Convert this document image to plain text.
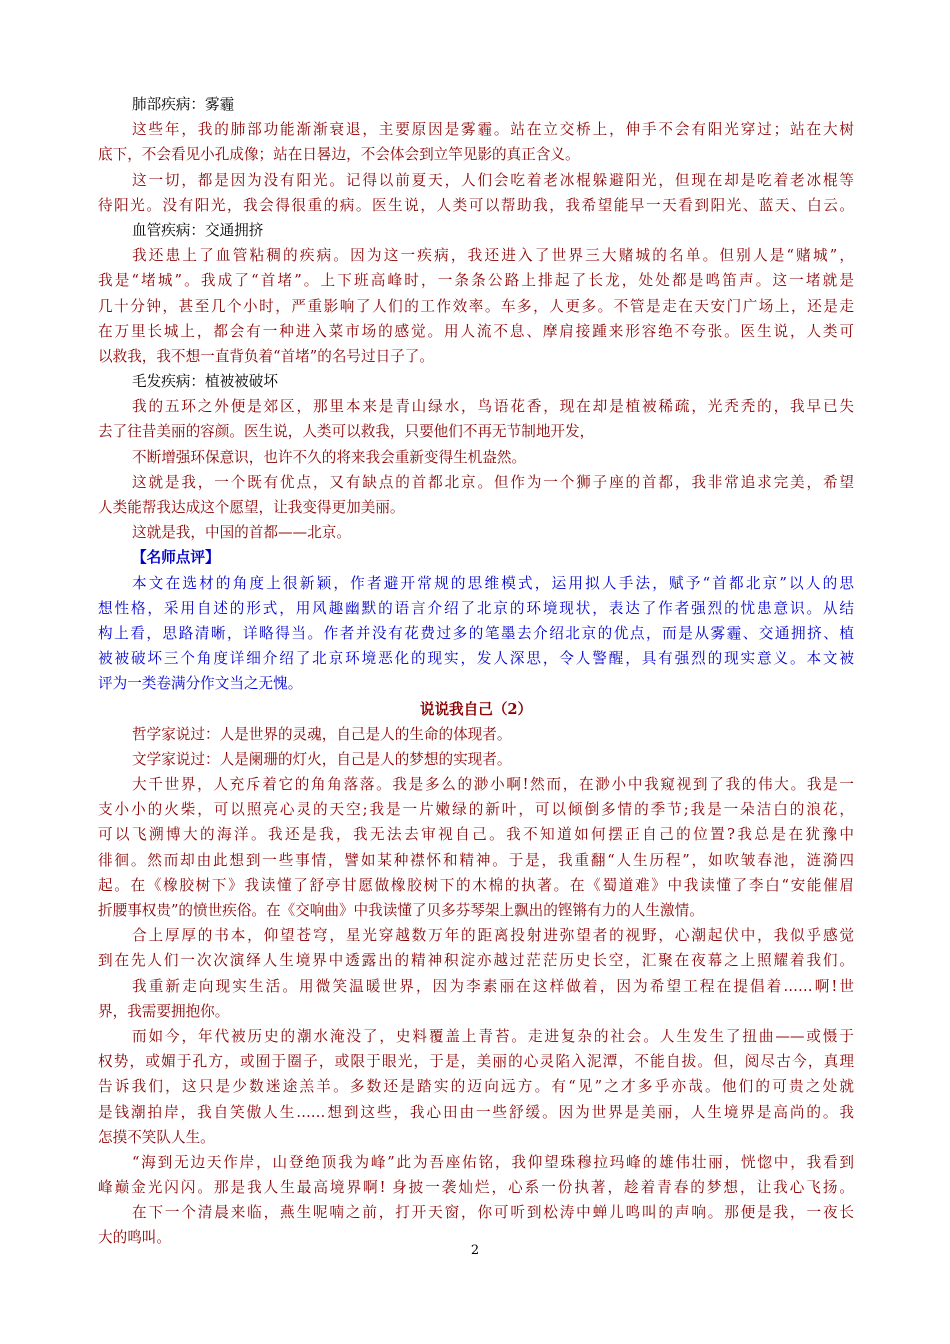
肺部疾病：雾霾
这些年，我的肺部功能渐渐衰退，主要原因是雾霾。站在立交桥上，伸手不会有阳光穿过；站在大树
底下，不会看见小孔成像；站在日晷边，不会体会到立竿见影的真正含义。
这一切，都是因为没有阳光。记得以前夏天，人们会吃着老冰棍躲避阳光，但现在却是吃着老冰棍等
待阳光。没有阳光，我会得很重的病。医生说，人类可以帮助我，我希望能早一天看到阳光、蓝天、白云。
血管疾病：交通拥挤
我还患上了血管粘稠的疾病。因为这一疾病，我还进入了世界三大赌城的名单。但别人是“赌城”，
我是“堵城”。我成了“首堵”。上下班高峰时，一条条公路上排起了长龙，处处都是鸣笛声。这一堵就是
几十分钟，甚至几个小时，严重影响了人们的工作效率。车多，人更多。不管是走在天安门广场上，还是走
在万里长城上，都会有一种进入菜市场的感觉。用人流不息、摩肩接踵来形容绝不夸张。医生说，人类可
以救我，我不想一直背负着“首堵”的名号过日子了。
毛发疾病：植被被破坏
我的五环之外便是郊区，那里本来是青山绿水，鸟语花香，现在却是植被稀疏，光秃秃的，我早已失
去了往昔美丽的容颜。医生说，人类可以救我，只要他们不再无节制地开发，
不断增强环保意识，也许不久的将来我会重新变得生机盎然。
这就是我，一个既有优点，又有缺点的首都北京。但作为一个狮子座的首都，我非常追求完美，希望
人类能帮我达成这个愿望，让我变得更加美丽。
这就是我，中国的首都——北京。
【名师点评】
本文在选材的角度上很新颖，作者避开常规的思维模式，运用拟人手法，赋予“首都北京”以人的思
想性格，采用自述的形式，用风趣幽默的语言介绍了北京的环境现状，表达了作者强烈的忧患意识。从结
构上看，思路清晰，详略得当。作者并没有花费过多的笔墨去介绍北京的优点，而是从雾霾、交通拥挤、植
被被破坏三个角度详细介绍了北京环境恶化的现实，发人深思，令人警醒，具有强烈的现实意义。本文被
评为一类卷满分作文当之无愧。
说说我自己（2）
哲学家说过：人是世界的灵魂，自己是人的生命的体现者。
文学家说过：人是阑珊的灯火，自己是人的梦想的实现者。
大千世界，人充斥着它的角角落落。我是多么的渺小啊!然而，在渺小中我窥视到了我的伟大。我是一
支小小的火柴，可以照亮心灵的天空;我是一片嫩绿的新叶，可以倾倒多情的季节;我是一朵洁白的浪花，
可以飞溯博大的海洋。我还是我，我无法去审视自己。我不知道如何摆正自己的位置?我总是在犹豫中
徘徊。然而却由此想到一些事情，譬如某种襟怀和精神。于是，我重翻“人生历程”，如吹皱春池，涟漪四
起。在《橡胶树下》我读懂了舒亭甘愿做橡胶树下的木棉的执著。在《蜀道难》中我读懂了李白“安能催眉
折腰事权贵”的愤世疾俗。在《交响曲》中我读懂了贝多芬琴架上飘出的铿锵有力的人生激情。
合上厚厚的书本，仰望苍穹，星光穿越数万年的距离投射进弥望者的视野，心潮起伏中，我似乎感觉
到在先人们一次次演绎人生境界中透露出的精神积淀亦越过茫茫历史长空，汇聚在夜幕之上照耀着我们。
我重新走向现实生活。用微笑温暖世界，因为李素丽在这样做着，因为希望工程在提倡着……啊!世
界，我需要拥抱你。
而如今，年代被历史的潮水淹没了，史料覆盖上青苔。走进复杂的社会。人生发生了扭曲——或慑于
权势，或媚于孔方，或囿于圈子，或限于眼光，于是，美丽的心灵陷入泥潭，不能自拔。但，阅尽古今，真理
告诉我们，这只是少数迷途羔羊。多数还是踏实的迈向远方。有“见”之才多乎亦哉。他们的可贵之处就
是钱潮拍岸，我自笑傲人生……想到这些，我心田由一些舒缓。因为世界是美丽，人生境界是高尚的。我
怎摸不笑队人生。
“海到无边天作岸，山登绝顶我为峰”此为吾座佑铭，我仰望珠穆拉玛峰的雄伟壮丽，恍惚中，我看到
峰巅金光闪闪。那是我人生最高境界啊! 身披一袭灿烂，心系一份执著，趁着青春的梦想，让我心飞扬。
在下一个清晨来临，燕生呢喃之前，打开天窗，你可听到松涛中蝉儿鸣叫的声响。那便是我，一夜长
大的鸣叫。
2
